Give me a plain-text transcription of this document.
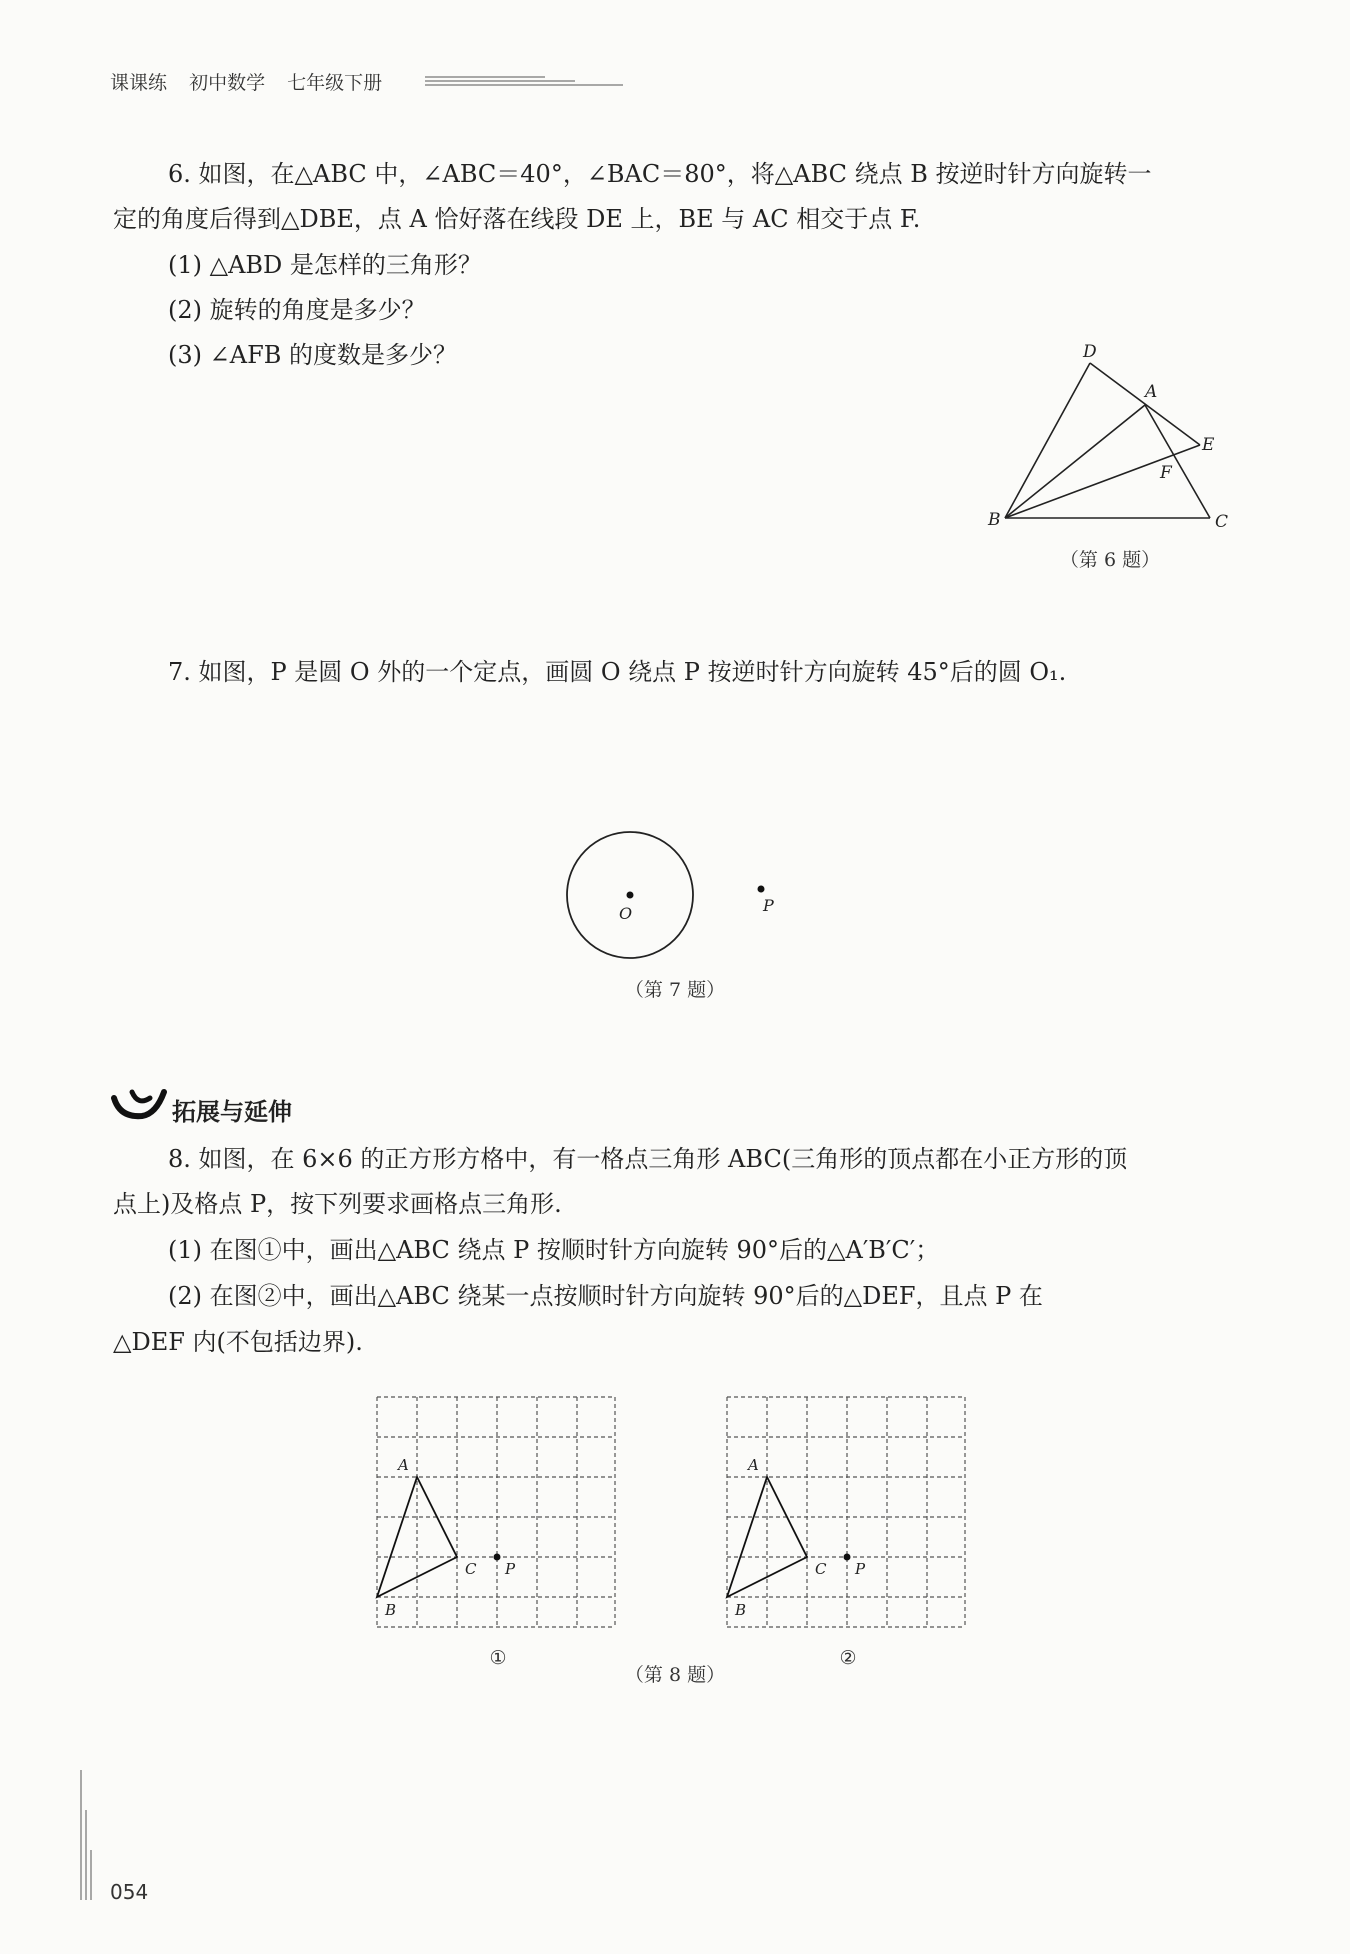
课课练 初中数学 七年级下册
6. 如图，在△ABC 中，∠ABC＝40°，∠BAC＝80°，将△ABC 绕点 B 按逆时针方向旋转一
定的角度后得到△DBE，点 A 恰好落在线段 DE 上，BE 与 AC 相交于点 F.
(1) △ABD 是怎样的三角形？
(2) 旋转的角度是多少？
(3) ∠AFB 的度数是多少？	D
A
E
F
B	C
（第 6 题）
7. 如图，P 是圆 O 外的一个定点，画圆 O 绕点 P 按逆时针方向旋转 45°后的圆 O₁.
O	P
（第 7 题）
拓展与延伸
8. 如图，在 6×6 的正方形方格中，有一格点三角形 ABC(三角形的顶点都在小正方形的顶
点上)及格点 P，按下列要求画格点三角形.
(1) 在图①中，画出△ABC 绕点 P 按顺时针方向旋转 90°后的△A′B′C′；
(2) 在图②中，画出△ABC 绕某一点按顺时针方向旋转 90°后的△DEF，且点 P 在
△DEF 内(不包括边界).
A
B
C P
A
B
C P
①	②
（第 8 题）
054
